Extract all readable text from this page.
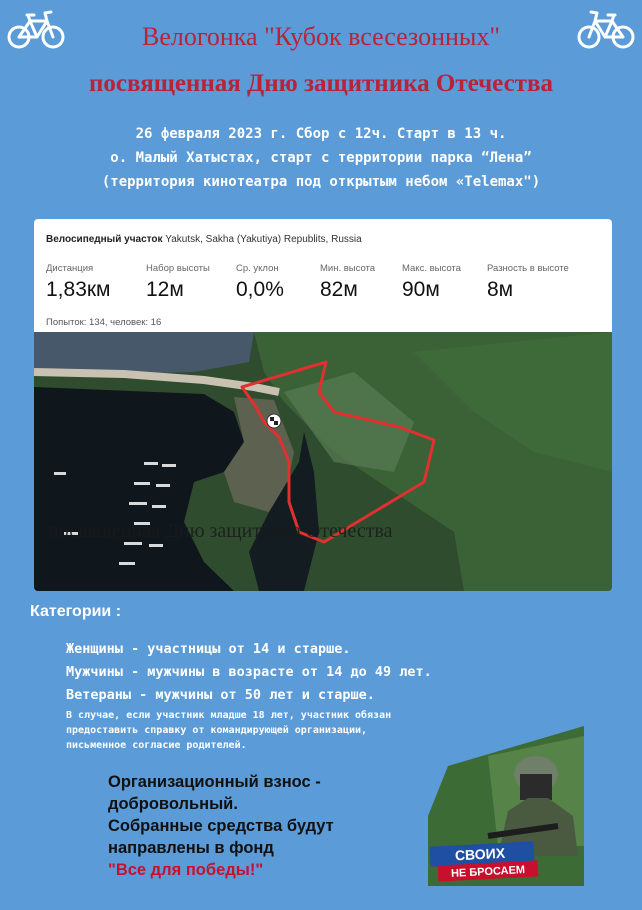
Велогонка "Кубок всесезонных"
посвященная Дню защитника Отечества
26 февраля 2023 г. Сбор с 12ч. Старт в 13 ч.
о. Малый Хатыстах, старт с территории парка “Лена”
(территория кинотеатра под открытым небом «Telemax")
Велосипедный участок Yakutsk, Sakha (Yakutiya) Republits, Russia
Дистанция
1,83км
Набор высоты
12м
Ср. уклон
0,0%
Мин. высота
82м
Макс. высота
90м
Разность в высоте
8м
Попыток: 134, человек: 16
посвященная Дню защитника Отечества
Категории :
Женщины - участницы от 14 и старше.
Мужчины - мужчины в возрасте от 14 до 49 лет.
Ветераны - мужчины от 50 лет и старше.
В случае, если участник младше 18 лет, участник обязан
предоставить справку от командирующей организации,
письменное согласие родителей.
Организационный взнос -
добровольный.
Собранные средства будут
направлены в фонд
"Все для победы!"
СВОИХ
НЕ БРОСАЕМ
